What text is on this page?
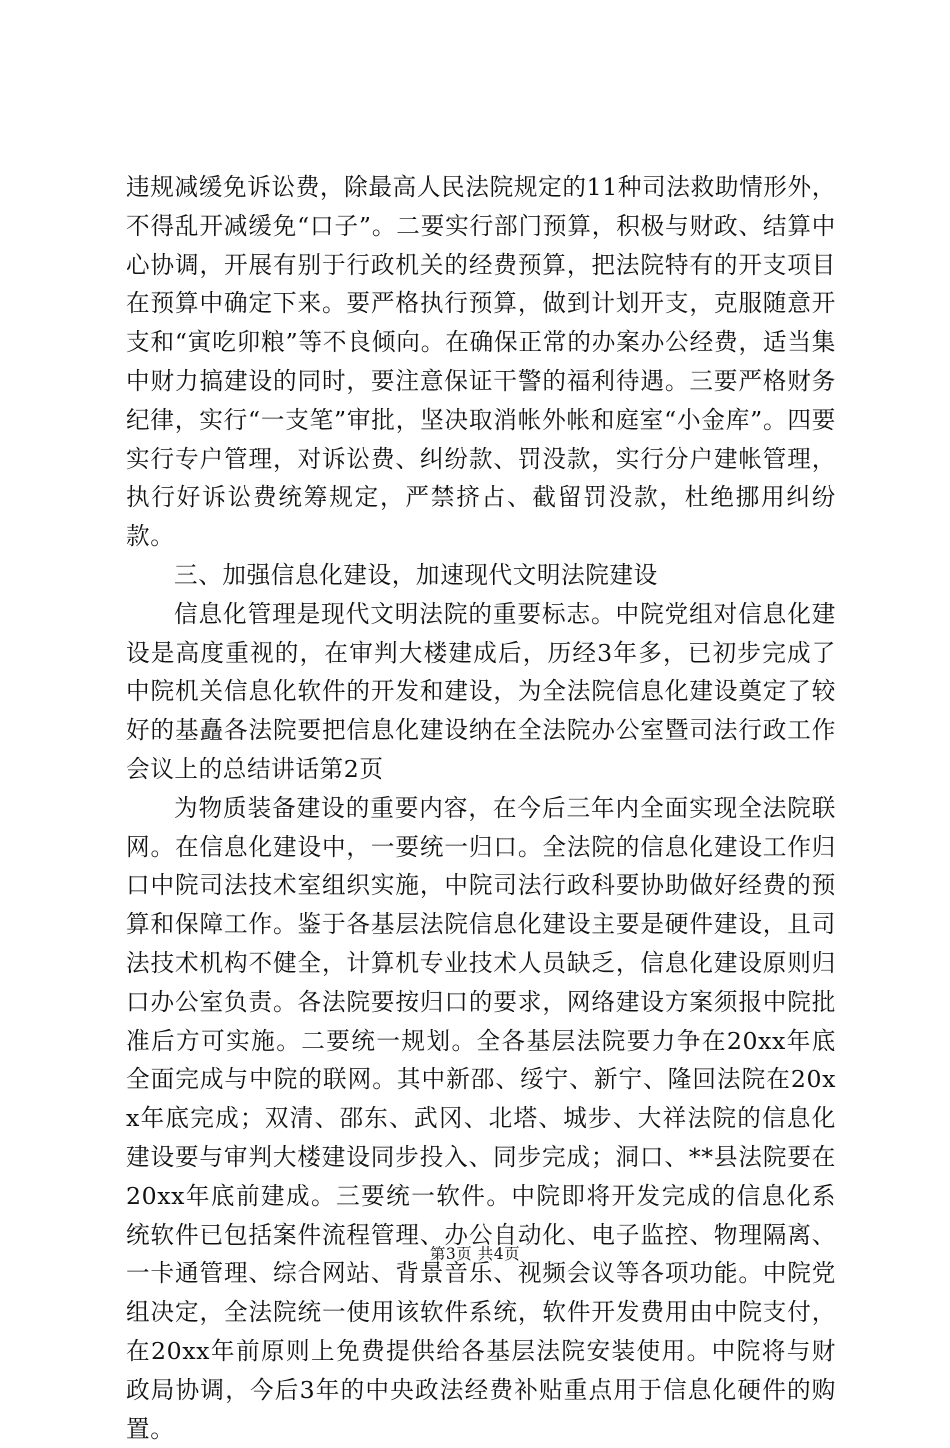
违规减缓免诉讼费，除最高人民法院规定的11种司法救助情形外，不得乱开减缓免“口子”。二要实行部门预算，积极与财政、结算中心协调，开展有别于行政机关的经费预算，把法院特有的开支项目在预算中确定下来。要严格执行预算，做到计划开支，克服随意开支和“寅吃卯粮”等不良倾向。在确保正常的办案办公经费，适当集中财力搞建设的同时，要注意保证干警的福利待遇。三要严格财务纪律，实行“一支笔”审批，坚决取消帐外帐和庭室“小金库”。四要实行专户管理，对诉讼费、纠纷款、罚没款，实行分户建帐管理，执行好诉讼费统筹规定，严禁挤占、截留罚没款，杜绝挪用纠纷款。

三、加强信息化建设，加速现代文明法院建设

信息化管理是现代文明法院的重要标志。中院党组对信息化建设是高度重视的，在审判大楼建成后，历经3年多，已初步完成了中院机关信息化软件的开发和建设，为全法院信息化建设奠定了较好的基矗各法院要把信息化建设纳在全法院办公室暨司法行政工作会议上的总结讲话第2页

为物质装备建设的重要内容，在今后三年内全面实现全法院联网。在信息化建设中，一要统一归口。全法院的信息化建设工作归口中院司法技术室组织实施，中院司法行政科要协助做好经费的预算和保障工作。鉴于各基层法院信息化建设主要是硬件建设，且司法技术机构不健全，计算机专业技术人员缺乏，信息化建设原则归口办公室负责。各法院要按归口的要求，网络建设方案须报中院批准后方可实施。二要统一规划。全各基层法院要力争在20xx年底全面完成与中院的联网。其中新邵、绥宁、新宁、隆回法院在20xx年底完成；双清、邵东、武冈、北塔、城步、大祥法院的信息化建设要与审判大楼建设同步投入、同步完成；洞口、**县法院要在20xx年底前建成。三要统一软件。中院即将开发完成的信息化系统软件已包括案件流程管理、办公自动化、电子监控、物理隔离、一卡通管理、综合网站、背景音乐、视频会议等各项功能。中院党组决定，全法院统一使用该软件系统，软件开发费用由中院支付，在20xx年前原则上免费提供给各基层法院安装使用。中院将与财政局协调，今后3年的中央政法经费补贴重点用于信息化硬件的购置。

第3页 共4页
